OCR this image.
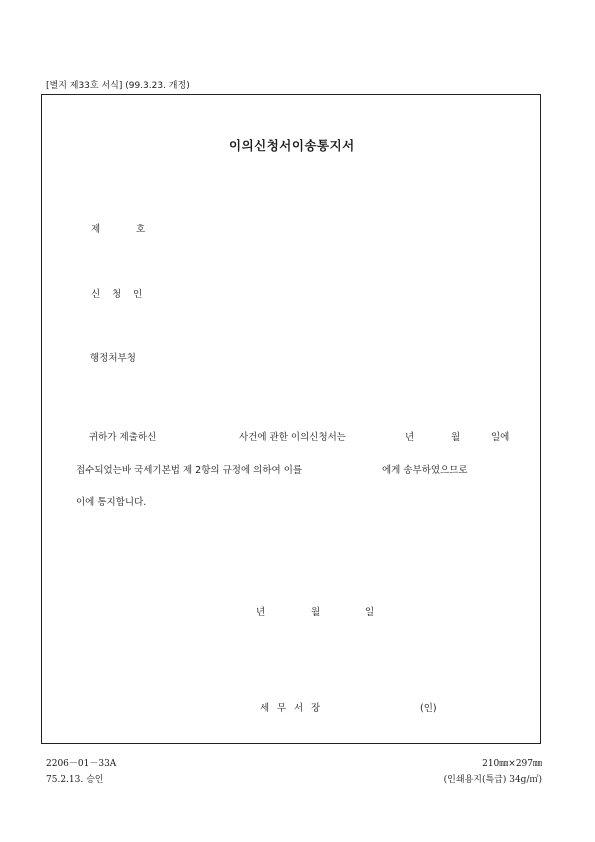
[별지 제33호 서식] (99.3.23. 개정)
이의신청서이송통지서
제	호
신 청 인
행정처부청
귀하가 제출하신	사건에 관한 이의신청서는	년	월	일에
접수되었는바 국세기본법 제 2항의 규정에 의하여 이를	에게 송부하였으므로
이에 통지합니다.
년	월	일
세 무 서 장	(인)
2206－01－33A	210㎜×297㎜
75.2.13. 승인	(인쇄용지(특급) 34g/㎡)
